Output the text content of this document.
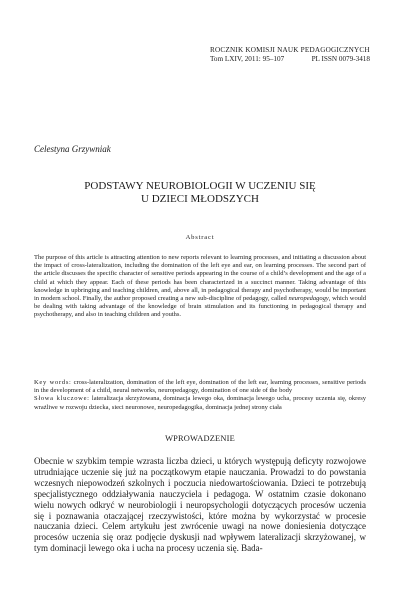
ROCZNIK KOMISJI NAUK PEDAGOGICZNYCH
Tom LXIV, 2011: 95–107	PL ISSN 0079-3418
Celestyna Grzywniak
PODSTAWY NEUROBIOLOGII W UCZENIU SIĘ
U DZIECI MŁODSZYCH
Abstract
The purpose of this article is attracting attention to new reports relevant to learning processes, and initiating a discussion about the impact of cross-lateralization, including the domination of the left eye and ear, on learning processes. The second part of the article discusses the specific character of sensitive periods appearing in the course of a child’s development and the age of a child at which they appear. Each of these periods has been characterized in a succinct manner. Taking advantage of this knowledge in upbringing and teaching children, and, above all, in pedagogical therapy and psychotherapy, would be important in modern school. Finally, the author proposed creating a new sub-discipline of pedagogy, called neuropedagogy, which would be dealing with taking advantage of the knowledge of brain stimulation and its functioning in pedagogical therapy and psychotherapy, and also in teaching children and youths.

Key words: cross-lateralization, domination of the left eye, domination of the left ear, learning processes, sensitive periods in the development of a child, neural networks, neuropedagogy, domination of one side of the body

Słowa kluczowe: lateralizacja skrzyżowana, dominacja lewego oka, dominacja lewego ucha, procesy uczenia się, okresy wrażliwe w rozwoju dziecka, sieci neuronowe, neuropedagogika, dominacja jednej strony ciała

WPROWADZENIE
Obecnie w szybkim tempie wzrasta liczba dzieci, u których występują deficyty rozwojowe utrudniające uczenie się już na początkowym etapie nauczania. Prowadzi to do powstania wczesnych niepowodzeń szkolnych i poczucia niedowartościowania. Dzieci te potrzebują specjalistycznego oddziaływania nauczyciela i pedagoga. W ostatnim czasie dokonano wielu nowych odkryć w neurobiologii i neuropsychologii dotyczących procesów uczenia się i poznawania otaczającej rzeczywistości, które można by wykorzystać w procesie nauczania dzieci. Celem artykułu jest zwrócenie uwagi na nowe doniesienia dotyczące procesów uczenia się oraz podjęcie dyskusji nad wpływem lateralizacji skrzyżowanej, w tym dominacji lewego oka i ucha na procesy uczenia się. Bada-
